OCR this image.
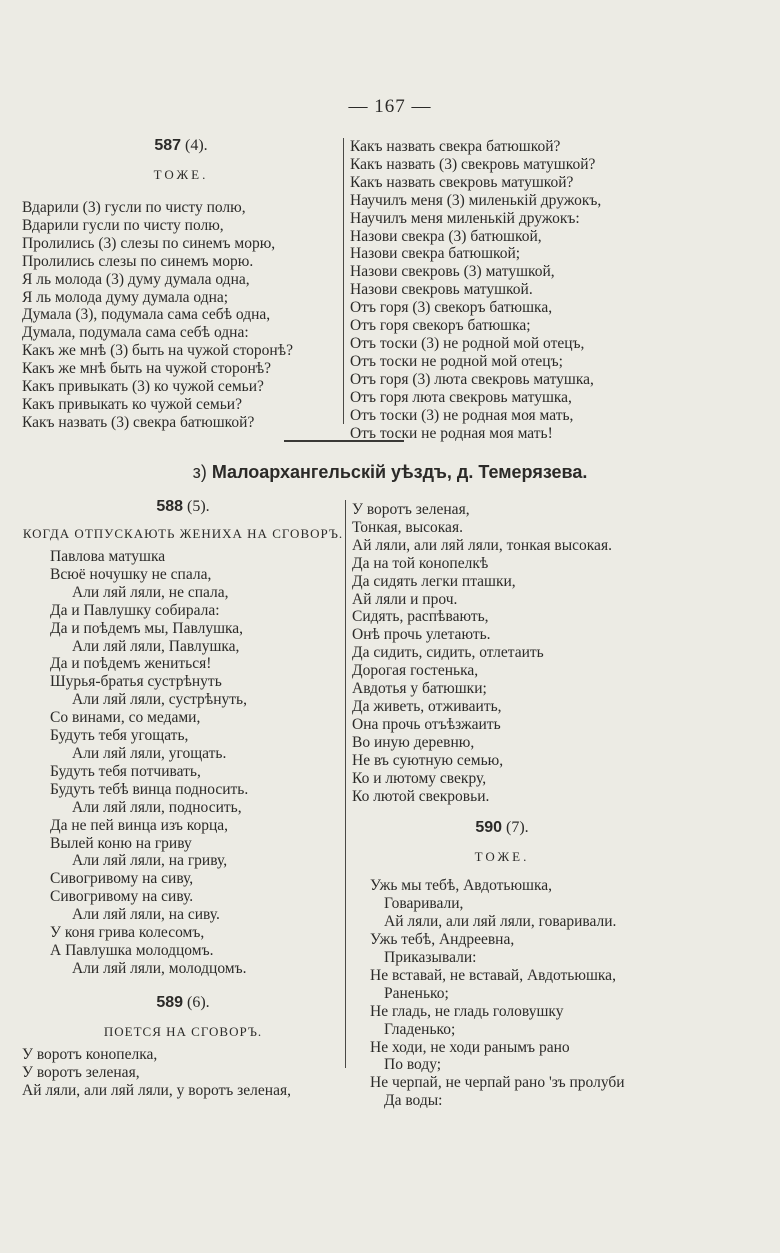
— 167 —
587 (4).
ТОЖЕ.
Вдарили (3) гусли по чисту полю,
Вдарили гусли по чисту полю,
Пролились (3) слезы по синемъ морю,
Пролились слезы по синемъ морю.
Я ль молода (3) думу думала одна,
Я ль молода думу думала одна;
Думала (3), подумала сама себѣ одна,
Думала, подумала сама себѣ одна:
Какъ же мнѣ (3) быть на чужой сторонѣ?
Какъ же мнѣ быть на чужой сторонѣ?
Какъ привыкать (3) ко чужой семьи?
Какъ привыкать ко чужой семьи?
Какъ назвать (3) свекра батюшкой?
Какъ назвать свекра батюшкой?
Какъ назвать (3) свекровь матушкой?
Какъ назвать свекровь матушкой?
Научилъ меня (3) миленькій дружокъ,
Научилъ меня миленькій дружокъ:
Назови свекра (3) батюшкой,
Назови свекра батюшкой;
Назови свекровь (3) матушкой,
Назови свекровь матушкой.
Отъ горя (3) свекоръ батюшка,
Отъ горя свекоръ батюшка;
Отъ тоски (3) не родной мой отецъ,
Отъ тоски не родной мой отецъ;
Отъ горя (3) люта свекровь матушка,
Отъ горя люта свекровь матушка,
Отъ тоски (3) не родная моя мать,
Отъ тоски не родная моя мать!
з) Малоархангельскій уѣздъ, д. Темерязева.
588 (5).
КОГДА ОТПУСКАЮТЬ ЖЕНИХА НА СГОВОРЪ.
Павлова матушка
Всюё ночушку не спала,
Али ляй ляли, не спала,
Да и Павлушку собирала:
Да и поѣдемъ мы, Павлушка,
Али ляй ляли, Павлушка,
Да и поѣдемъ жениться!
Шурья-братья сустрѣнуть
Али ляй ляли, сустрѣнуть,
Со винами, со медами,
Будуть тебя угощать,
Али ляй ляли, угощать.
Будуть тебя потчивать,
Будуть тебѣ винца подносить.
Али ляй ляли, подносить,
Да не пей винца изъ корца,
Вылей коню на гриву
Али ляй ляли, на гриву,
Сивогривому на сиву,
Сивогривому на сиву.
Али ляй ляли, на сиву.
У коня грива колесомъ,
А Павлушка молодцомъ.
Али ляй ляли, молодцомъ.
589 (6).
ПОЕТСЯ НА СГОВОРЪ.
У воротъ конопелка,
У воротъ зеленая,
Ай ляли, али ляй ляли, у воротъ зеленая,
У воротъ зеленая,
Тонкая, высокая.
Ай ляли, али ляй ляли, тонкая высокая.
Да на той конопелкѣ
Да сидять легки пташки,
Ай ляли и проч.
Сидять, распѣвають,
Онѣ прочь улетають.
Да сидить, сидить, отлетаить
Дорогая гостенька,
Авдотья у батюшки;
Да живеть, отживаить,
Она прочь отъѣзжаить
Во иную деревню,
Не въ суютную семью,
Ко и лютому свекру,
Ко лютой свекровьи.
590 (7).
ТОЖЕ.
Ужь мы тебѣ, Авдотьюшка,
Говаривали,
Ай ляли, али ляй ляли, говаривали.
Ужь тебѣ, Андреевна,
Приказывали:
Не вставай, не вставай, Авдотьюшка,
Раненько;
Не гладь, не гладь головушку
Гладенько;
Не ходи, не ходи ранымъ рано
По воду;
Не черпай, не черпай рано 'зъ пролуби
Да воды:
